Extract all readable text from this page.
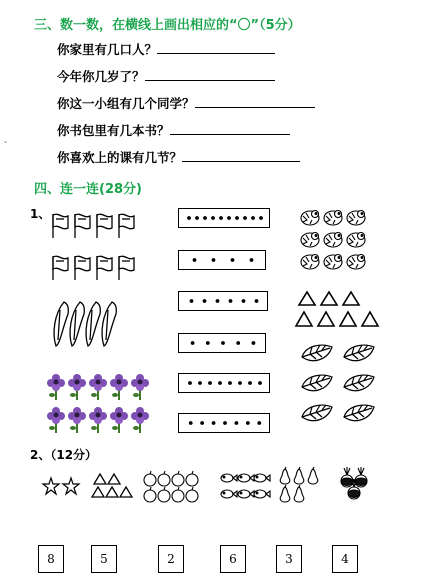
三、数一数，在横线上画出相应的“〇”（5分）
你家里有几口人？
今年你几岁了？
你这一小组有几个同学？
你书包里有几本书？
你喜欢上的课有几节？
ˇ
四、连一连(28分)
1、
2、（12分）
8	5	2	6	3	4
